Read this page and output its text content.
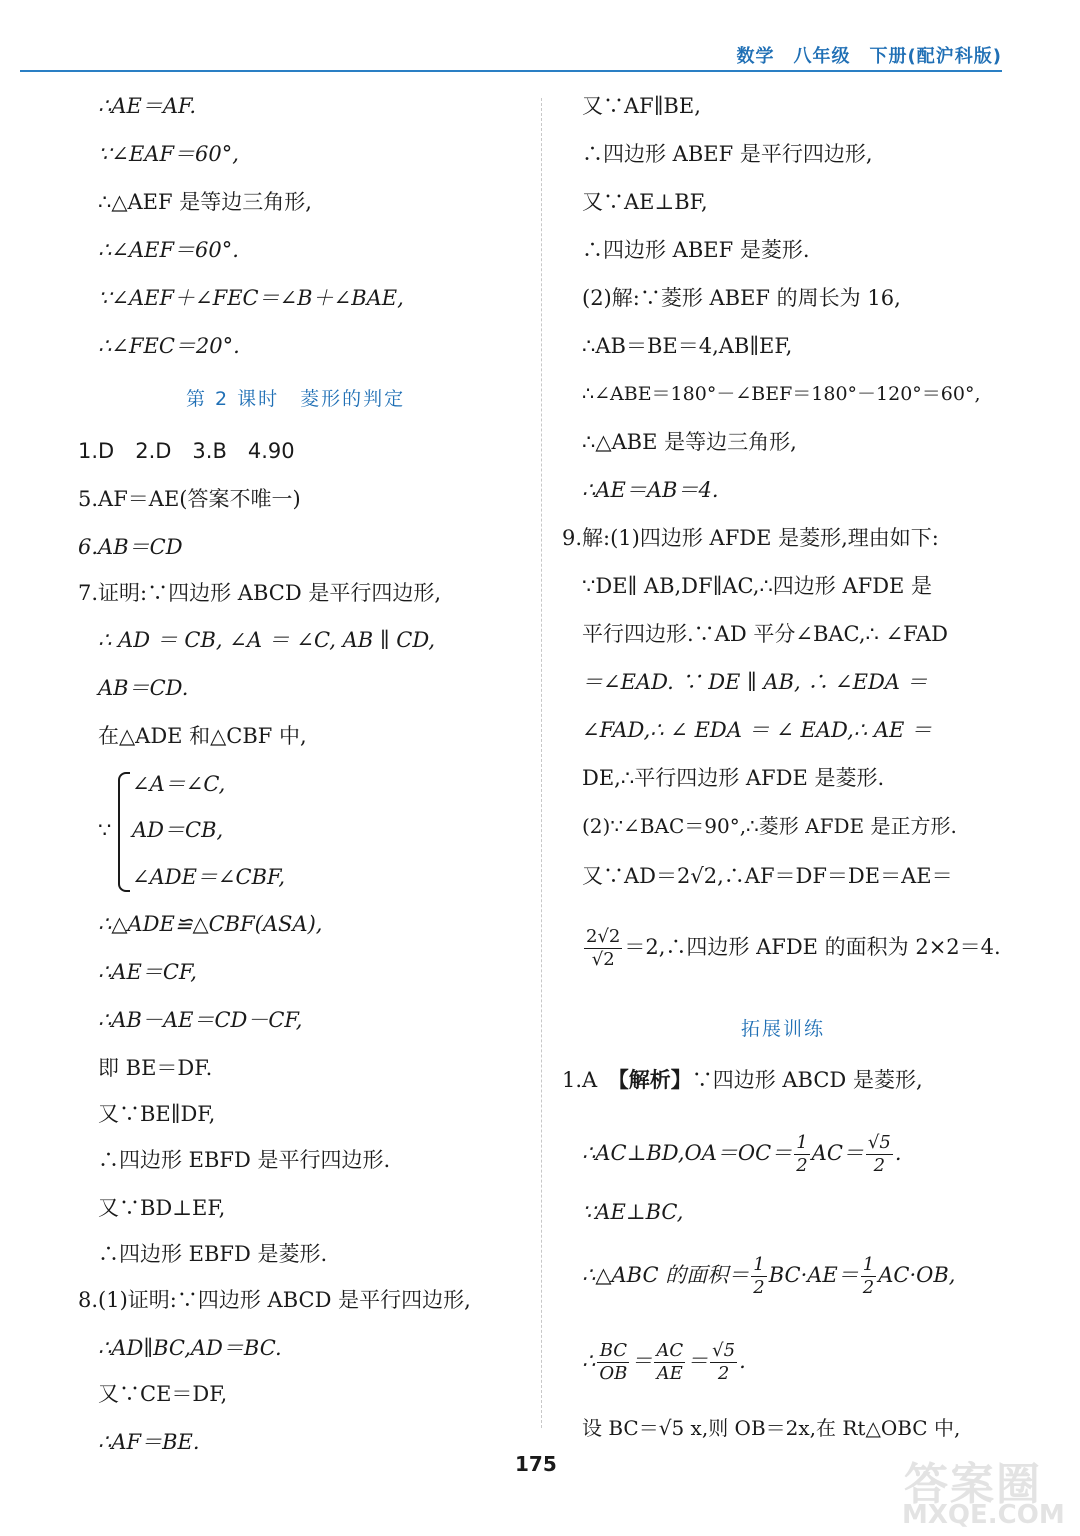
数学　八年级　下册(配沪科版)
∴AE＝AF.
∵∠EAF＝60°,
∴△AEF 是等边三角形,
∴∠AEF＝60°.
∵∠AEF＋∠FEC＝∠B＋∠BAE,
∴∠FEC＝20°.
第 2 课时　菱形的判定
1.D　2.D　3.B　4.90
5.AF＝AE(答案不唯一)
6.AB＝CD
7.证明:∵四边形 ABCD 是平行四边形,
∴ AD ＝ CB, ∠A ＝ ∠C, AB ∥ CD,
AB＝CD.
在△ADE 和△CBF 中,
∵
∠A＝∠C,
AD＝CB,
∠ADE＝∠CBF,
∴△ADE≌△CBF(ASA),
∴AE＝CF,
∴AB－AE＝CD－CF,
即 BE＝DF.
又∵BE∥DF,
∴四边形 EBFD 是平行四边形.
又∵BD⊥EF,
∴四边形 EBFD 是菱形.
8.(1)证明:∵四边形 ABCD 是平行四边形,
∴AD∥BC,AD＝BC.
又∵CE＝DF,
∴AF＝BE.
又∵AF∥BE,
∴四边形 ABEF 是平行四边形,
又∵AE⊥BF,
∴四边形 ABEF 是菱形.
(2)解:∵菱形 ABEF 的周长为 16,
∴AB＝BE＝4,AB∥EF,
∴∠ABE＝180°－∠BEF＝180°－120°＝60°,
∴△ABE 是等边三角形,
∴AE＝AB＝4.
9.解:(1)四边形 AFDE 是菱形,理由如下:
∵DE∥ AB,DF∥AC,∴四边形 AFDE 是
平行四边形.∵AD 平分∠BAC,∴ ∠FAD
＝∠EAD. ∵ DE ∥ AB, ∴ ∠EDA ＝
∠FAD,∴ ∠ EDA ＝ ∠ EAD,∴ AE ＝
DE,∴平行四边形 AFDE 是菱形.
(2)∵∠BAC＝90°,∴菱形 AFDE 是正方形.
又∵AD＝2√2,∴AF＝DF＝DE＝AE＝
$\frac{2√2}{√2}$ ＝2,∴四边形 AFDE 的面积为 2×2＝4.
拓展训练
1.A　 【解析】∵四边形 ABCD 是菱形,
∴AC⊥BD,OA＝OC＝ $\frac{1}{2} AC= \frac{√5}{2}$ .
∵AE⊥BC,
∴△ABC 的面积＝ $\frac{1}{2} BC\cdot AE= \frac{1}{2} AC\cdot OB$,
∴ $\frac{BC}{OB} = \frac{AC}{AE} = \frac{√5}{2}$ .
设 BC＝√5 x,则 OB＝2x,在 Rt△OBC 中,
175	答案圈
MXQE.COM
